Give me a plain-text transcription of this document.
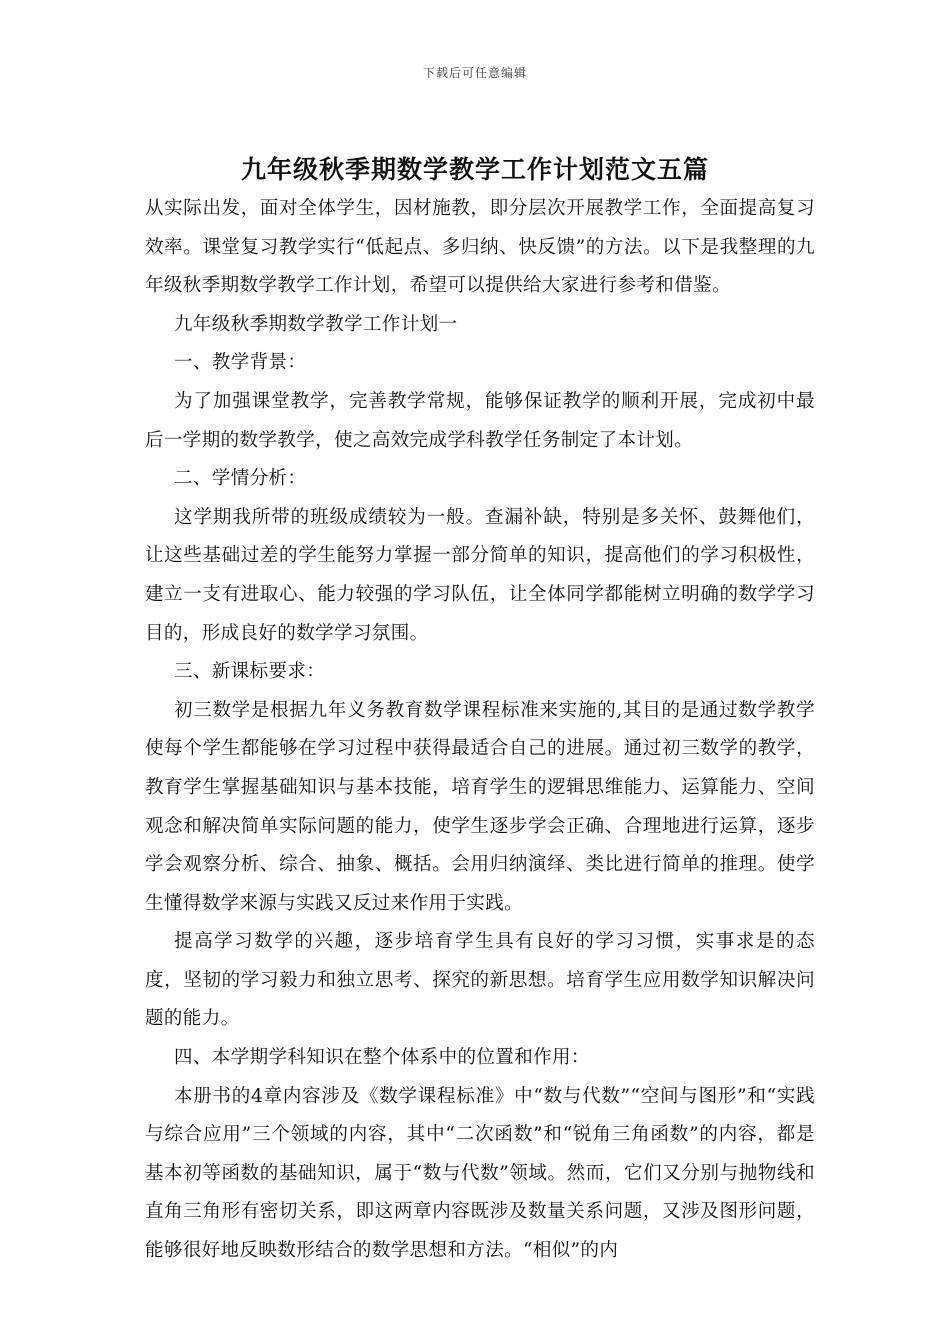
下载后可任意编辑
九年级秋季期数学教学工作计划范文五篇

从实际出发，面对全体学生，因材施教，即分层次开展教学工作，全面提高复习效率。课堂复习教学实行“低起点、多归纳、快反馈”的方法。以下是我整理的九年级秋季期数学教学工作计划，希望可以提供给大家进行参考和借鉴。

九年级秋季期数学教学工作计划一

一、教学背景：

为了加强课堂教学，完善教学常规，能够保证教学的顺利开展，完成初中最后一学期的数学教学，使之高效完成学科教学任务制定了本计划。

二、学情分析：

这学期我所带的班级成绩较为一般。查漏补缺，特别是多关怀、鼓舞他们，让这些基础过差的学生能努力掌握一部分简单的知识，提高他们的学习积极性，建立一支有进取心、能力较强的学习队伍，让全体同学都能树立明确的数学学习目的，形成良好的数学学习氛围。

三、新课标要求：

初三数学是根据九年义务教育数学课程标准来实施的,其目的是通过数学教学使每个学生都能够在学习过程中获得最适合自己的进展。通过初三数学的教学，教育学生掌握基础知识与基本技能，培育学生的逻辑思维能力、运算能力、空间观念和解决简单实际问题的能力，使学生逐步学会正确、合理地进行运算，逐步学会观察分析、综合、抽象、概括。会用归纳演绎、类比进行简单的推理。使学生懂得数学来源与实践又反过来作用于实践。

提高学习数学的兴趣，逐步培育学生具有良好的学习习惯，实事求是的态度，坚韧的学习毅力和独立思考、探究的新思想。培育学生应用数学知识解决问题的能力。

四、本学期学科知识在整个体系中的位置和作用：

本册书的4章内容涉及《数学课程标准》中“数与代数”“空间与图形”和“实践与综合应用”三个领域的内容，其中“二次函数”和“锐角三角函数”的内容，都是基本初等函数的基础知识，属于“数与代数”领域。然而，它们又分别与抛物线和直角三角形有密切关系，即这两章内容既涉及数量关系问题，又涉及图形问题，能够很好地反映数形结合的数学思想和方法。“相似”的内
